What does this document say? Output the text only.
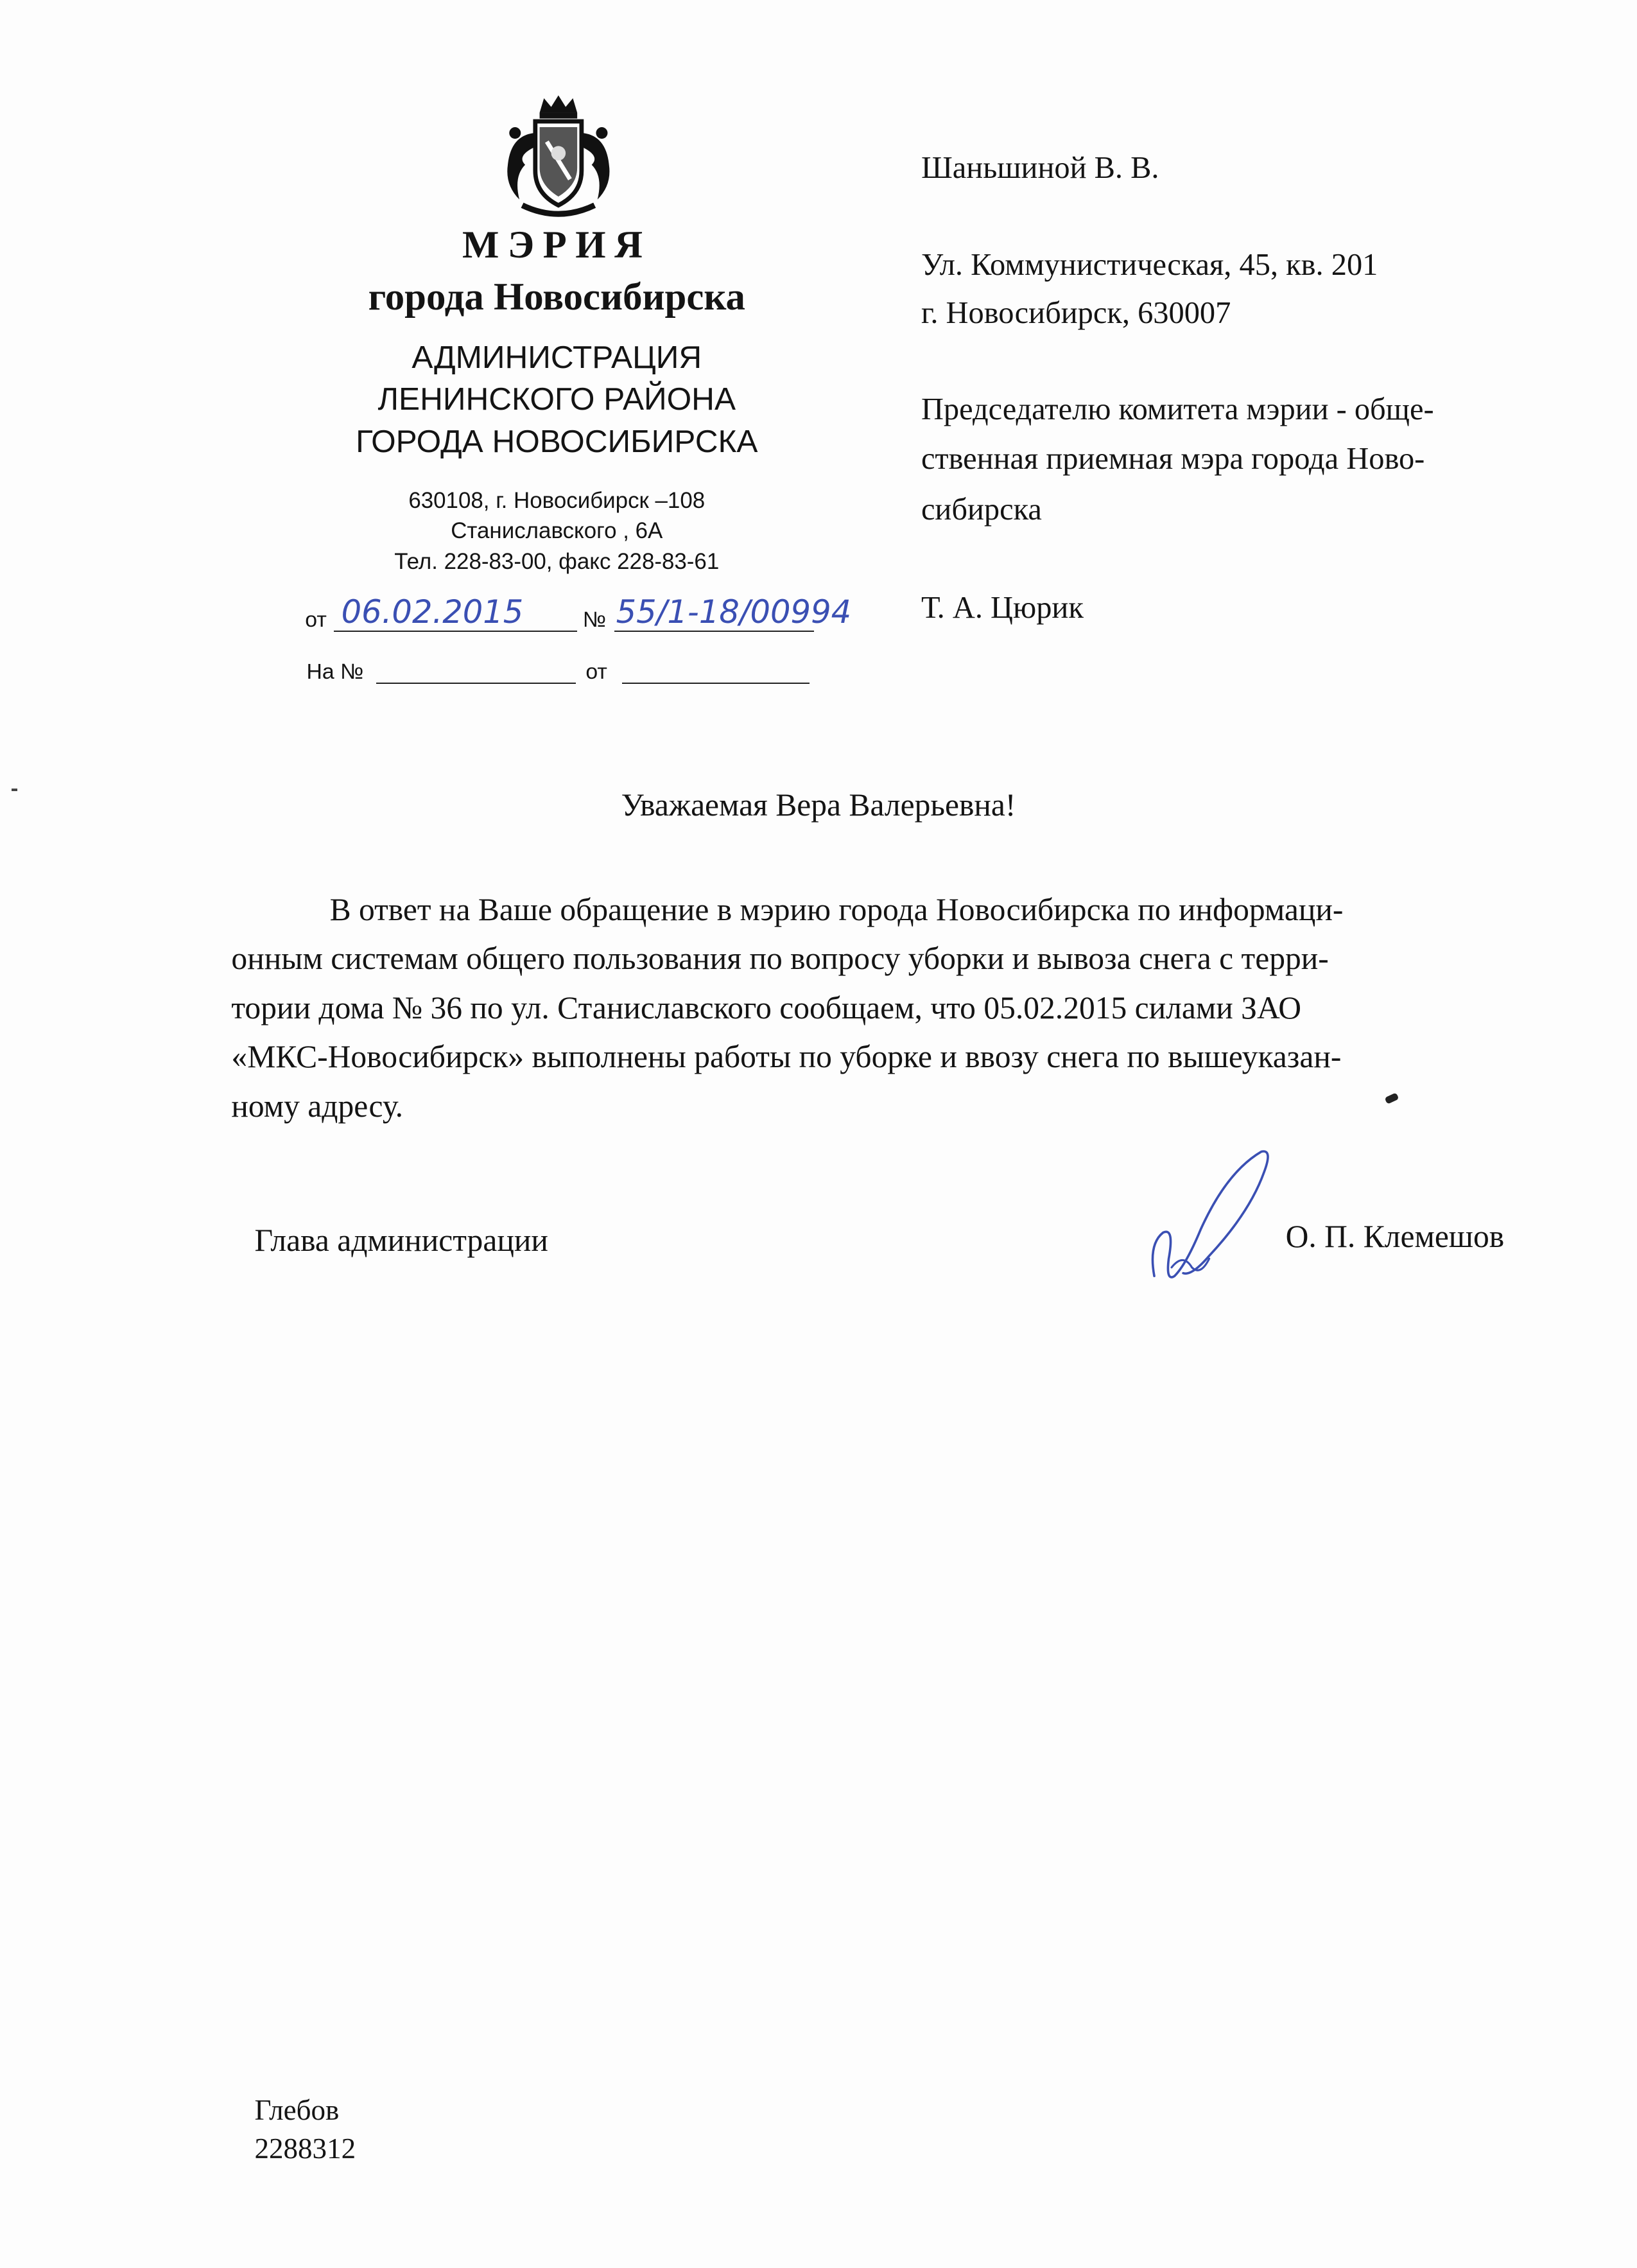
МЭРИЯ
города Новосибирска
АДМИНИСТРАЦИЯ
ЛЕНИНСКОГО РАЙОНА
ГОРОДА НОВОСИБИРСКА
630108, г. Новосибирск –108
Станиславского , 6А
Тел. 228-83-00, факс 228-83-61
от 06.02.2015	№ 55/1-18/00994
На №	от
Шаньшиной В. В.
Ул. Коммунистическая, 45, кв. 201
г. Новосибирск, 630007
Председателю комитета мэрии - обще-
ственная приемная мэра города Ново-
сибирска
Т. А. Цюрик
Уважаемая Вера Валерьевна!
В ответ на Ваше обращение в мэрию города Новосибирска по информаци-
онным системам общего пользования по вопросу уборки и вывоза снега с терри-
тории дома № 36 по ул. Станиславского сообщаем, что 05.02.2015 силами ЗАО
«МКС-Новосибирск» выполнены работы по уборке и ввозу снега по вышеуказан-
ному адресу.
Глава администрации	О. П. Клемешов
Глебов
2288312
